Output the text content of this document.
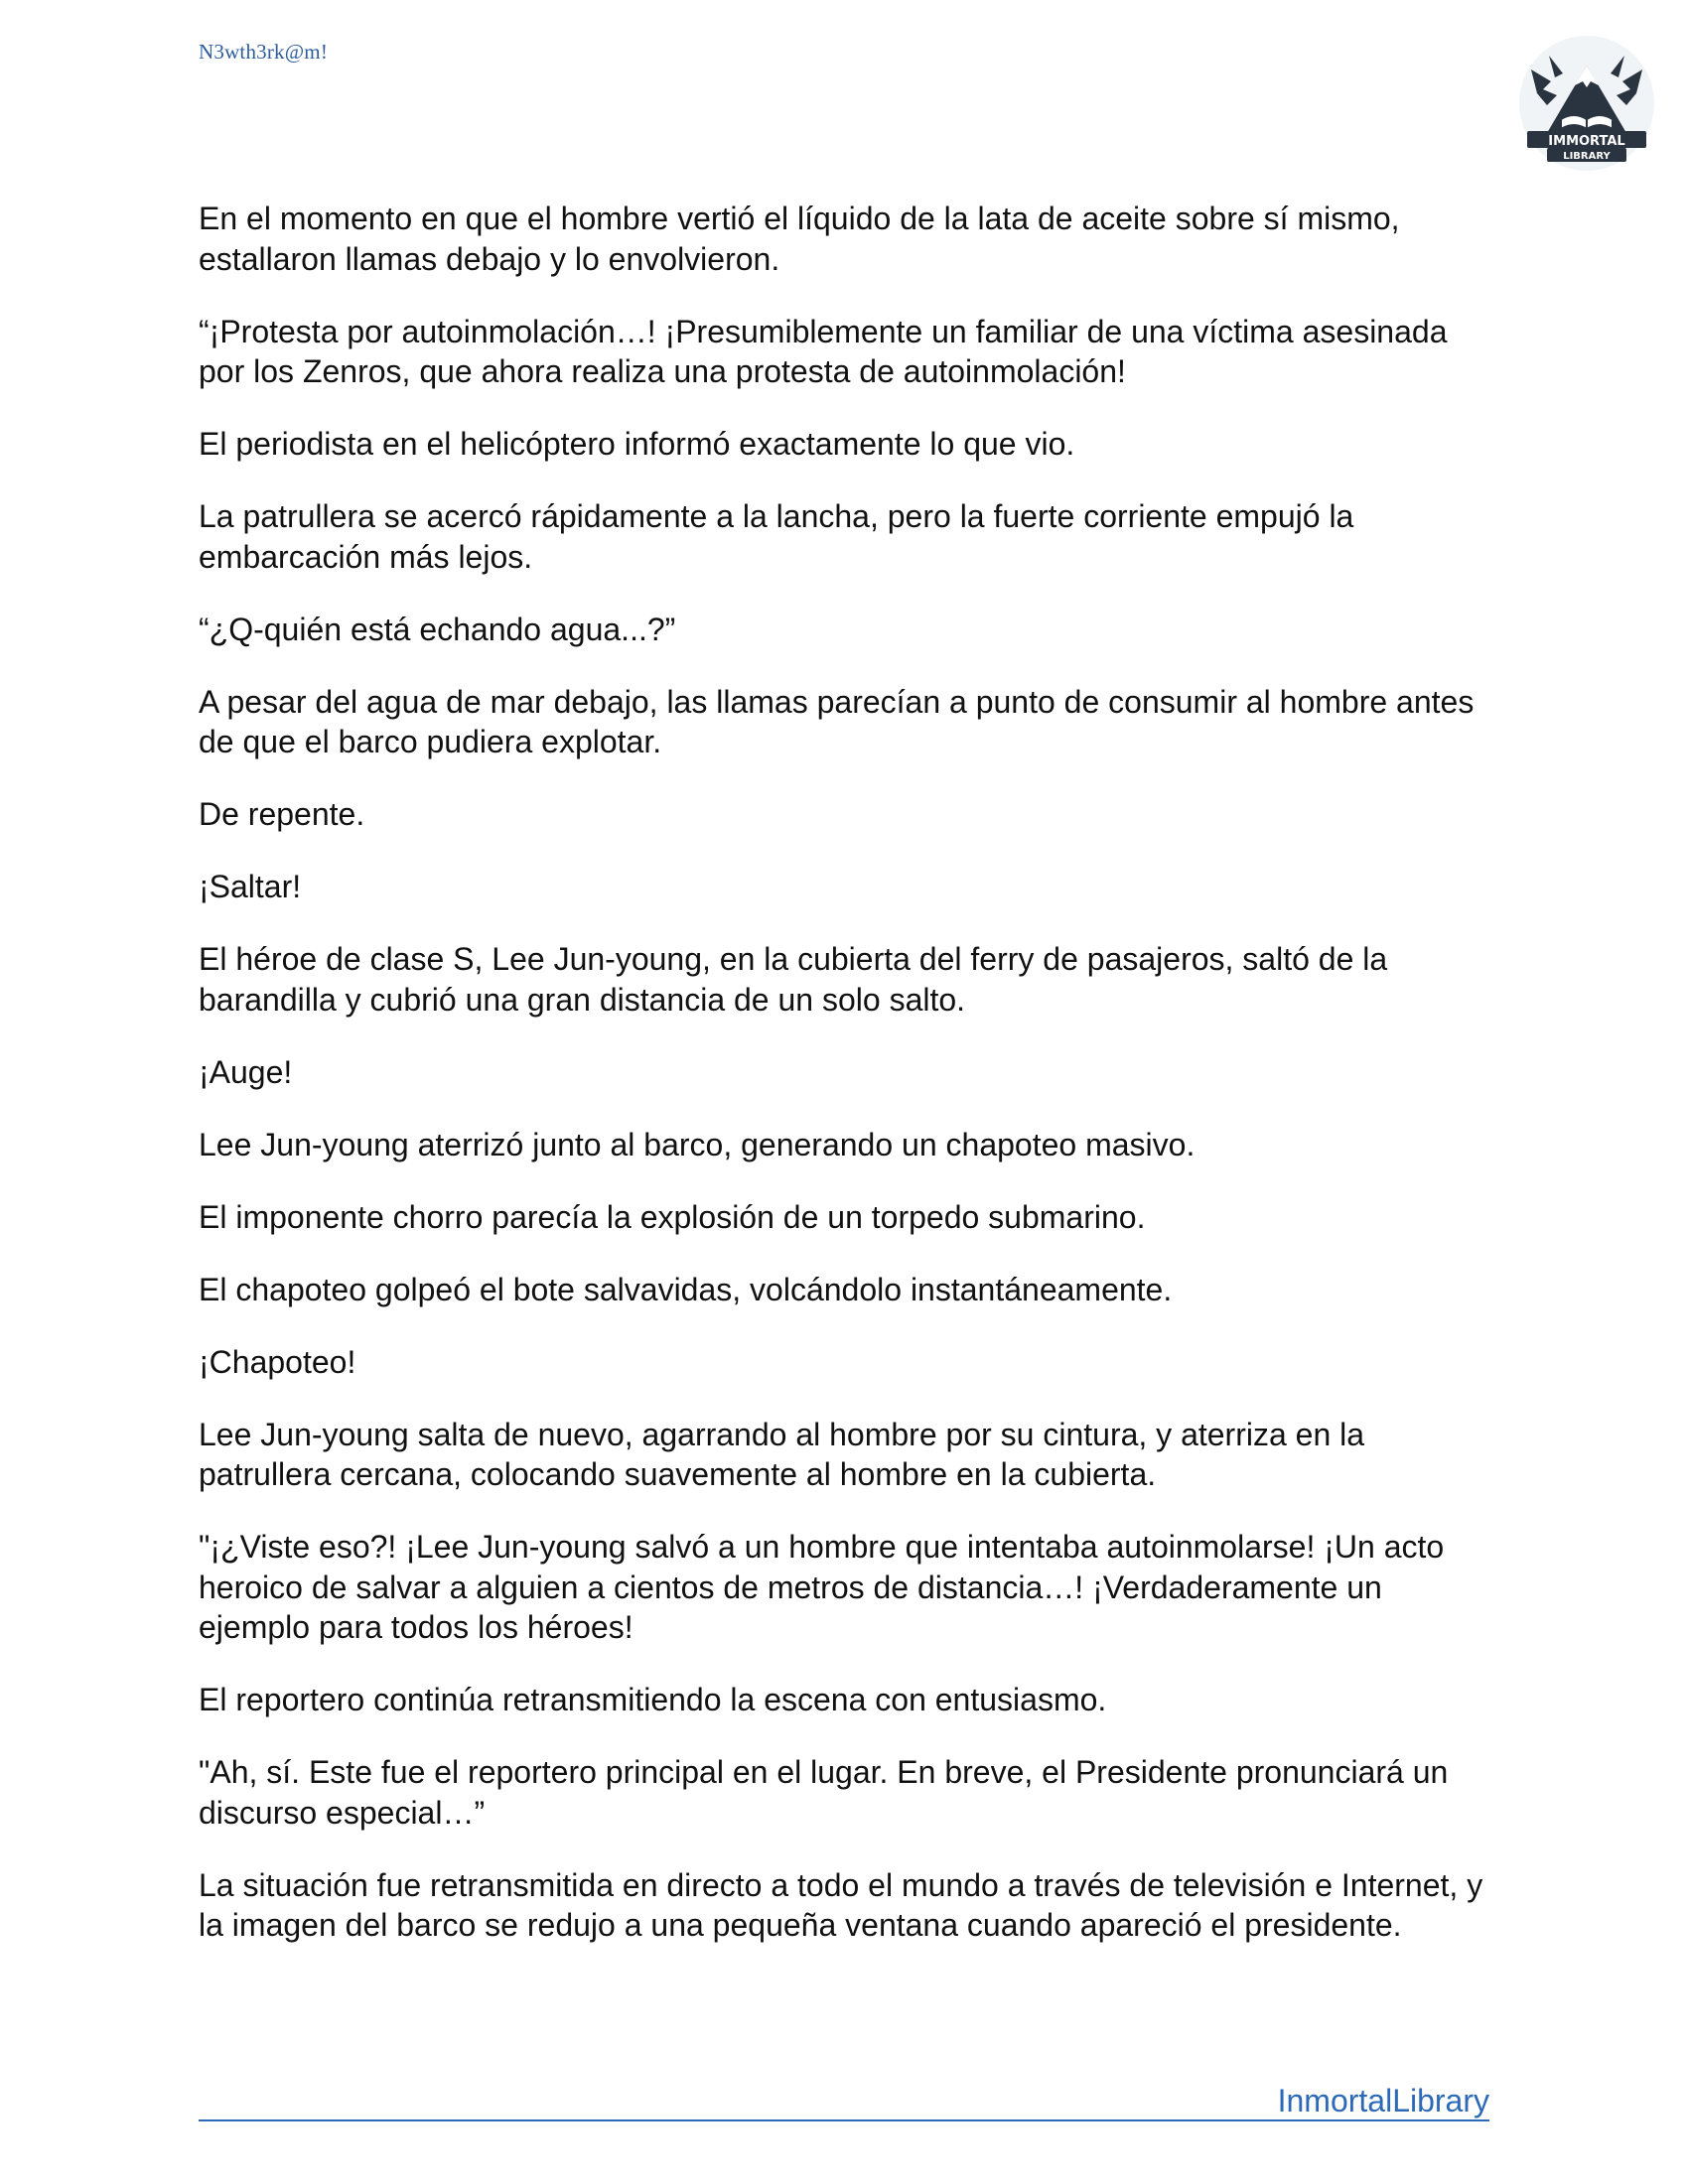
N3wth3rk@m!
IMMORTAL
LIBRARY

En el momento en que el hombre vertió el líquido de la lata de aceite sobre sí mismo, estallaron llamas debajo y lo envolvieron.

“¡Protesta por autoinmolación…! ¡Presumiblemente un familiar de una víctima asesinada por los Zenros, que ahora realiza una protesta de autoinmolación!

El periodista en el helicóptero informó exactamente lo que vio.

La patrullera se acercó rápidamente a la lancha, pero la fuerte corriente empujó la embarcación más lejos.

“¿Q-quién está echando agua...?”

A pesar del agua de mar debajo, las llamas parecían a punto de consumir al hombre antes de que el barco pudiera explotar.

De repente.

¡Saltar!

El héroe de clase S, Lee Jun-young, en la cubierta del ferry de pasajeros, saltó de la barandilla y cubrió una gran distancia de un solo salto.

¡Auge!

Lee Jun-young aterrizó junto al barco, generando un chapoteo masivo.

El imponente chorro parecía la explosión de un torpedo submarino.

El chapoteo golpeó el bote salvavidas, volcándolo instantáneamente.

¡Chapoteo!

Lee Jun-young salta de nuevo, agarrando al hombre por su cintura, y aterriza en la patrullera cercana, colocando suavemente al hombre en la cubierta.

"¡¿Viste eso?! ¡Lee Jun-young salvó a un hombre que intentaba autoinmolarse! ¡Un acto heroico de salvar a alguien a cientos de metros de distancia…! ¡Verdaderamente un ejemplo para todos los héroes!

El reportero continúa retransmitiendo la escena con entusiasmo.

"Ah, sí. Este fue el reportero principal en el lugar. En breve, el Presidente pronunciará un discurso especial…”

La situación fue retransmitida en directo a todo el mundo a través de televisión e Internet, y la imagen del barco se redujo a una pequeña ventana cuando apareció el presidente.

InmortalLibrary
